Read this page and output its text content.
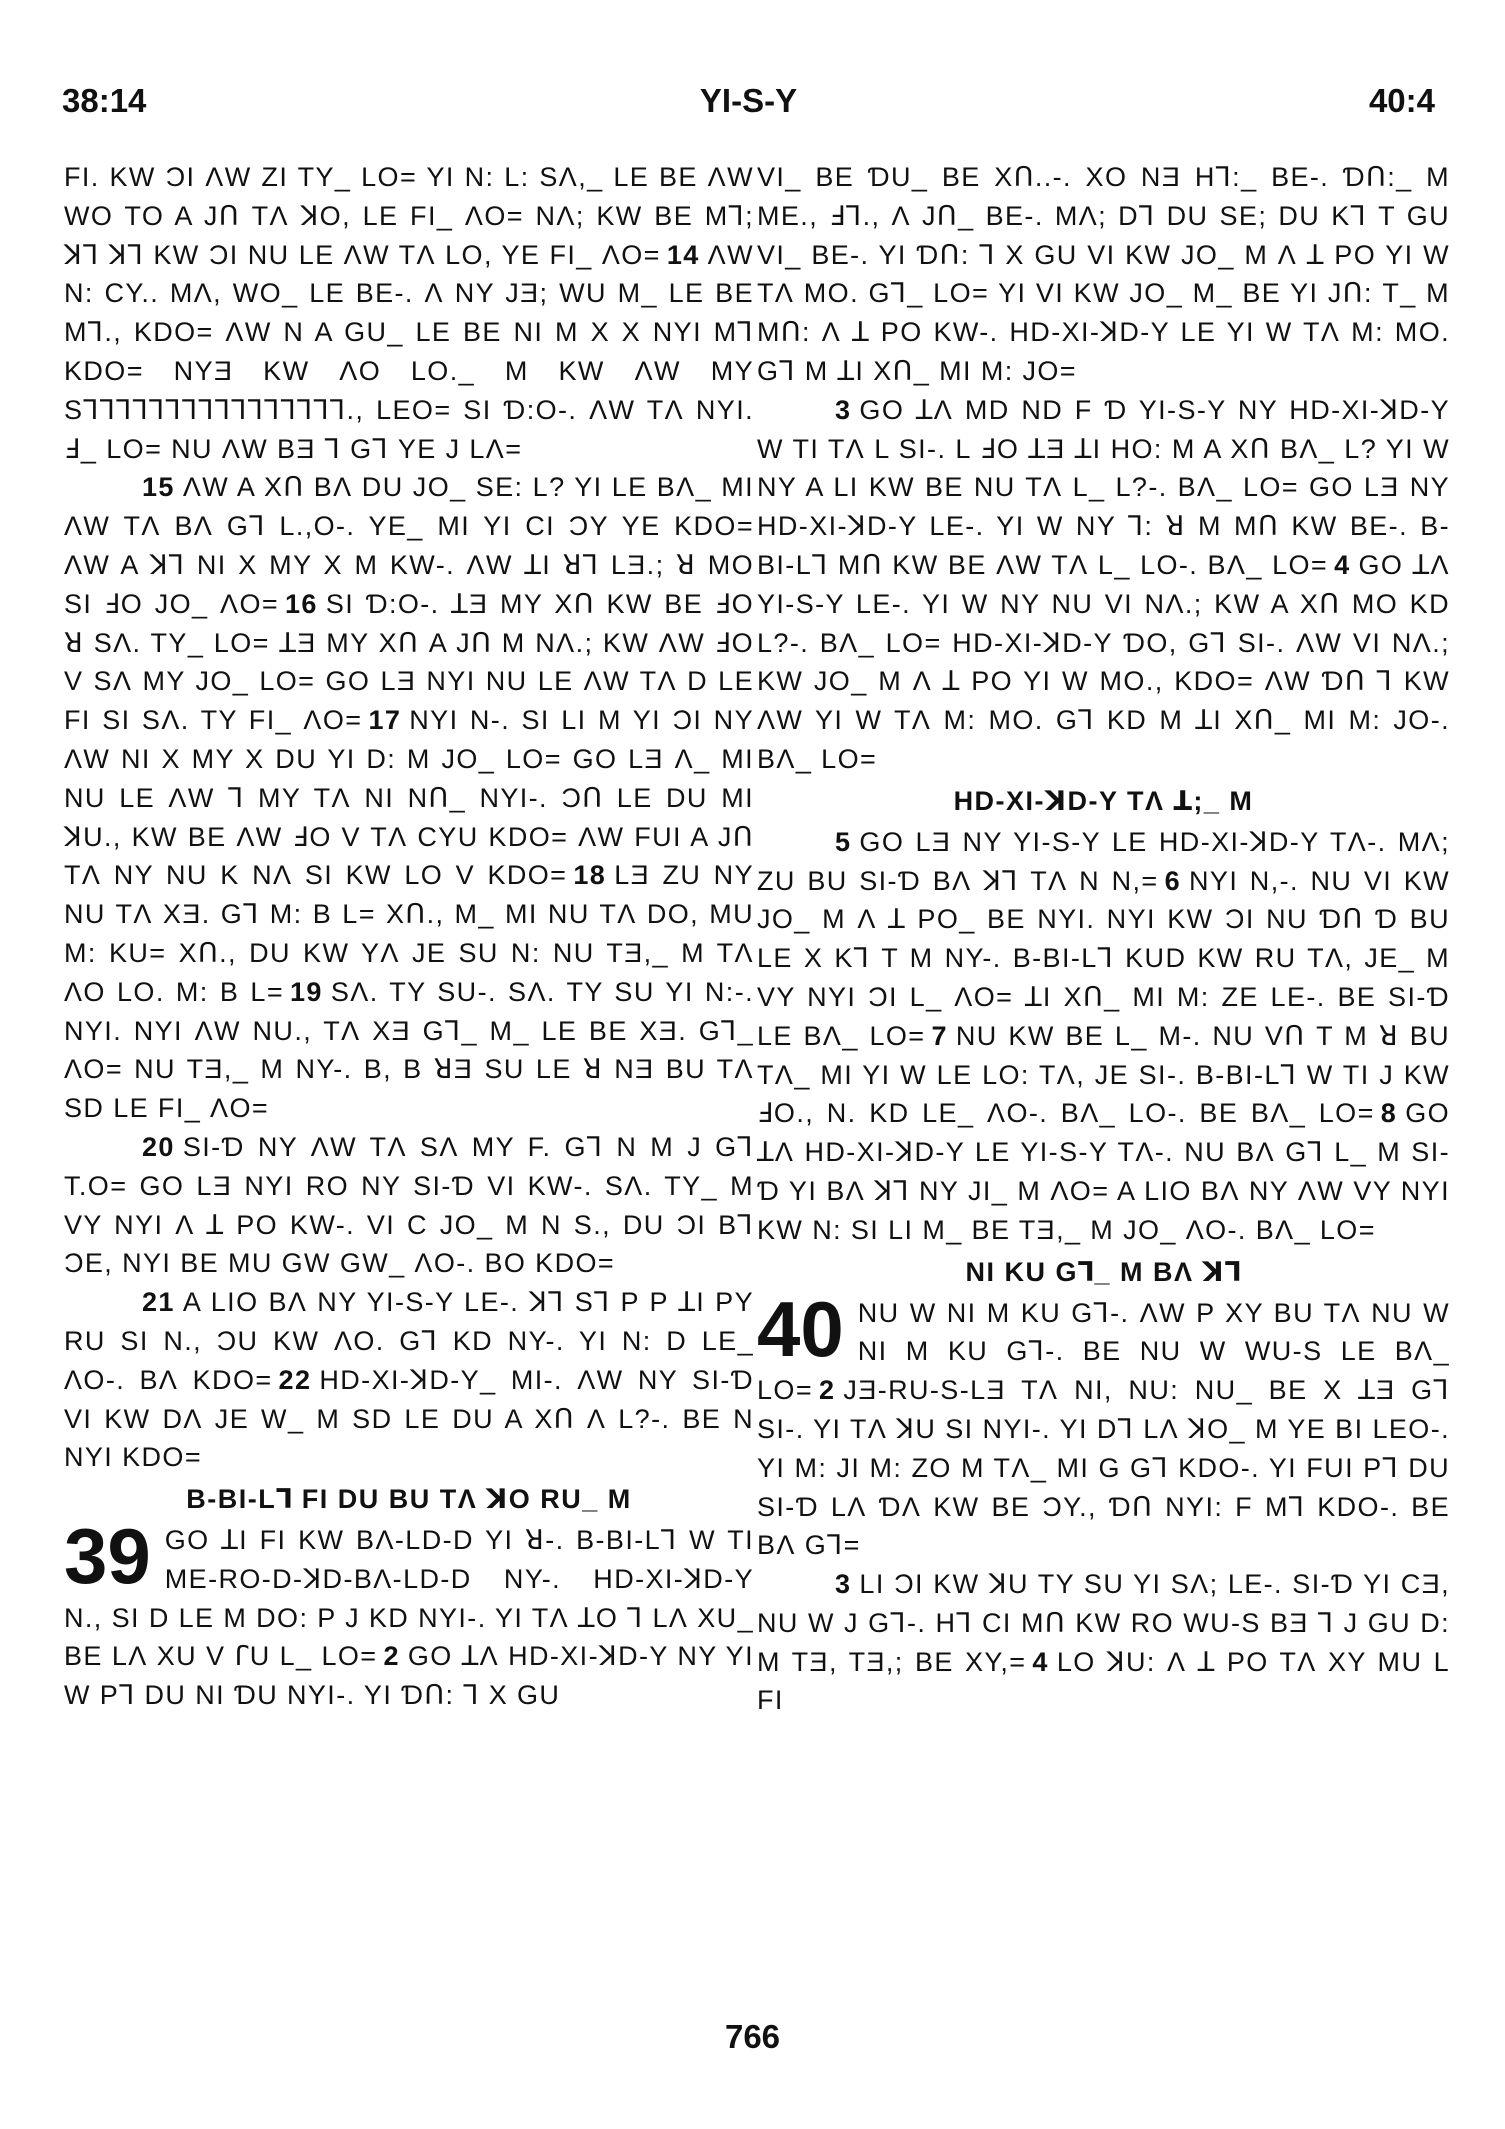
38:14	YI-S-Y	40:4

FI. KW ƆI ɅW ZI TY_ LO= YI N: L: SɅ,_ LE BE ɅW WO TO A JՈ TɅ ꓘO, LE FI_ ɅO= NɅ; KW BE Mꓶ; ꓘꓶ ꓘꓶ KW ƆI NU LE ɅW TɅ LO, YE FI_ ɅO= 14 ɅW N: CY.. MɅ, WO_ LE BE-. Ʌ NY JƎ; WU M_ LE BE Mꓶ., KDO= ɅW N A GU_ LE BE NI M X X NYI Mꓶ KDO= NYƎ KW ɅO LO._ M KW ɅW MY Sꓶꓶꓶꓶꓶꓶꓶꓶꓶꓶꓶꓶꓶꓶꓶꓶ., LEO= SI Ɗ:O-. ɅW TɅ NYI. Ⅎ_ LO= NU ɅW BƎ ꓶ Gꓶ YE J LɅ=

15 ɅW A XՈ BɅ DU JO_ SE: L? YI LE BɅ_ MI ɅW TɅ BɅ Gꓶ L.,O-. YE_ MI YI CI ƆY YE KDO= ɅW A ꓘꓶ NI X MY X M KW-. ɅW ꓕI ꓤꓶ LƎ.; ꓤ MO SI ℲO JO_ ɅO= 16 SI Ɗ:O-. ꓕƎ MY XՈ KW BE ℲO ꓤ SɅ. TY_ LO= ꓕƎ MY XՈ A JՈ M NɅ.; KW ɅW ℲO V SɅ MY JO_ LO= GO LƎ NYI NU LE ɅW TɅ D LE FI SI SɅ. TY FI_ ɅO= 17 NYI N-. SI LI M YI ƆI NY ɅW NI X MY X DU YI D: M JO_ LO= GO LƎ Ʌ_ MI NU LE ɅW ꓶ MY TɅ NI NՈ_ NYI-. ƆՈ LE DU MI ꓘU., KW BE ɅW ℲO V TɅ CYU KDO= ɅW FUI A JՈ TɅ NY NU K NɅ SI KW LO V KDO= 18 LƎ ZU NY NU TɅ XƎ. Gꓶ M: B L= XՈ., M_ MI NU TɅ DO, MU M: KU= XՈ., DU KW YɅ JE SU N: NU TƎ,_ M TɅ ɅO LO. M: B L= 19 SɅ. TY SU-. SɅ. TY SU YI N:-. NYI. NYI ɅW NU., TɅ XƎ Gꓶ_ M_ LE BE XƎ. Gꓶ_ ɅO= NU TƎ,_ M NY-. B, B ꓤƎ SU LE ꓤ NƎ BU TɅ SD LE FI_ ɅO=

20 SI-Ɗ NY ɅW TɅ SɅ MY F. Gꓶ N M J Gꓶ T.O= GO LƎ NYI RO NY SI-Ɗ VI KW-. SɅ. TY_ M VY NYI Ʌ ꓕ PO KW-. VI C JO_ M N S., DU ƆI Bꓶ ƆE, NYI BE MU GW GW_ ɅO-. BO KDO=

21 A LIO BɅ NY YI-S-Y LE-. ꓘꓶ Sꓶ P P ꓕI PY RU SI N., ƆU KW ɅO. Gꓶ KD NY-. YI N: D LE_ ɅO-. BɅ KDO= 22 HD-XI-ꓘD-Y_ MI-. ɅW NY SI-Ɗ VI KW DɅ JE W_ M SD LE DU A XՈ Ʌ L?-. BE N NYI KDO=

B-BI-Lꓶ FI DU BU TɅ ꓘO RU_ M
39 GO ꓕI FI KW BɅ-LD-D YI ꓤ-. B-BI-Lꓶ W TI ME-RO-D-ꓘD-BɅ-LD-D NY-. HD-XI-ꓘD-Y N., SI D LE M DO: P J KD NYI-. YI TɅ ꓕO ꓶ LɅ XU_ BE LɅ XU V ꓩU L_ LO= 2 GO ꓕɅ HD-XI-ꓘD-Y NY YI W Pꓶ DU NI ƊU NYI-. YI ƊՈ: ꓶ X GU

VI_ BE ƊU_ BE XՈ..-. XO NƎ Hꓶ:_ BE-. ƊՈ:_ M ME., Ⅎꓶ., Ʌ JՈ_ BE-. MɅ; Dꓶ DU SE; DU Kꓶ T GU VI_ BE-. YI ƊՈ: ꓶ X GU VI KW JO_ M Ʌ ꓕ PO YI W TɅ MO. Gꓶ_ LO= YI VI KW JO_ M_ BE YI JՈ: T_ M MՈ: Ʌ ꓕ PO KW-. HD-XI-ꓘD-Y LE YI W TɅ M: MO. Gꓶ M ꓕI XՈ_ MI M: JO=

3 GO ꓕɅ MD ND F Ɗ YI-S-Y NY HD-XI-ꓘD-Y W TI TɅ L SI-. L ℲO ꓕƎ ꓕI HO: M A XՈ BɅ_ L? YI W NY A LI KW BE NU TɅ L_ L?-. BɅ_ LO= GO LƎ NY HD-XI-ꓘD-Y LE-. YI W NY ꓶ: ꓤ M MՈ KW BE-. B-BI-Lꓶ MՈ KW BE ɅW TɅ L_ LO-. BɅ_ LO= 4 GO ꓕɅ YI-S-Y LE-. YI W NY NU VI NɅ.; KW A XՈ MO KD L?-. BɅ_ LO= HD-XI-ꓘD-Y ƊO, Gꓶ SI-. ɅW VI NɅ.; KW JO_ M Ʌ ꓕ PO YI W MO., KDO= ɅW ƊՈ ꓶ KW ɅW YI W TɅ M: MO. Gꓶ KD M ꓕI XՈ_ MI M: JO-. BɅ_ LO=

HD-XI-ꓘD-Y TɅ ꓕ;_ M

5 GO LƎ NY YI-S-Y LE HD-XI-ꓘD-Y TɅ-. MɅ; ZU BU SI-Ɗ BɅ ꓘꓶ TɅ N N,= 6 NYI N,-. NU VI KW JO_ M Ʌ ꓕ PO_ BE NYI. NYI KW ƆI NU ƊՈ Ɗ BU LE X Kꓶ T M NY-. B-BI-Lꓶ KUD KW RU TɅ, JE_ M VY NYI ƆI L_ ɅO= ꓕI XՈ_ MI M: ZE LE-. BE SI-Ɗ LE BɅ_ LO= 7 NU KW BE L_ M-. NU VՈ T M ꓤ BU TɅ_ MI YI W LE LO: TɅ, JE SI-. B-BI-Lꓶ W TI J KW ℲO., N. KD LE_ ɅO-. BɅ_ LO-. BE BɅ_ LO= 8 GO ꓕɅ HD-XI-ꓘD-Y LE YI-S-Y TɅ-. NU BɅ Gꓶ L_ M SI-Ɗ YI BɅ ꓘꓶ NY JI_ M ɅO= A LIO BɅ NY ɅW VY NYI KW N: SI LI M_ BE TƎ,_ M JO_ ɅO-. BɅ_ LO=

NI KU Gꓶ_ M BɅ ꓘꓶ
40 NU W NI M KU Gꓶ-. ɅW P XY BU TɅ NU W NI M KU Gꓶ-. BE NU W WU-S LE BɅ_ LO= 2 JƎ-RU-S-LƎ TɅ NI, NU: NU_ BE X ꓕƎ Gꓶ SI-. YI TɅ ꓘU SI NYI-. YI Dꓶ LɅ ꓘO_ M YE BI LEO-. YI M: JI M: ZO M TɅ_ MI G Gꓶ KDO-. YI FUI Pꓶ DU SI-Ɗ LɅ ƊɅ KW BE ƆY., ƊՈ NYI: F Mꓶ KDO-. BE BɅ Gꓶ=

3 LI ƆI KW ꓘU TY SU YI SɅ; LE-. SI-Ɗ YI CƎ, NU W J Gꓶ-. Hꓶ CI MՈ KW RO WU-S BƎ ꓶ J GU D: M TƎ, TƎ,; BE XY,= 4 LO ꓘU: Ʌ ꓕ PO TɅ XY MU L FI

766
